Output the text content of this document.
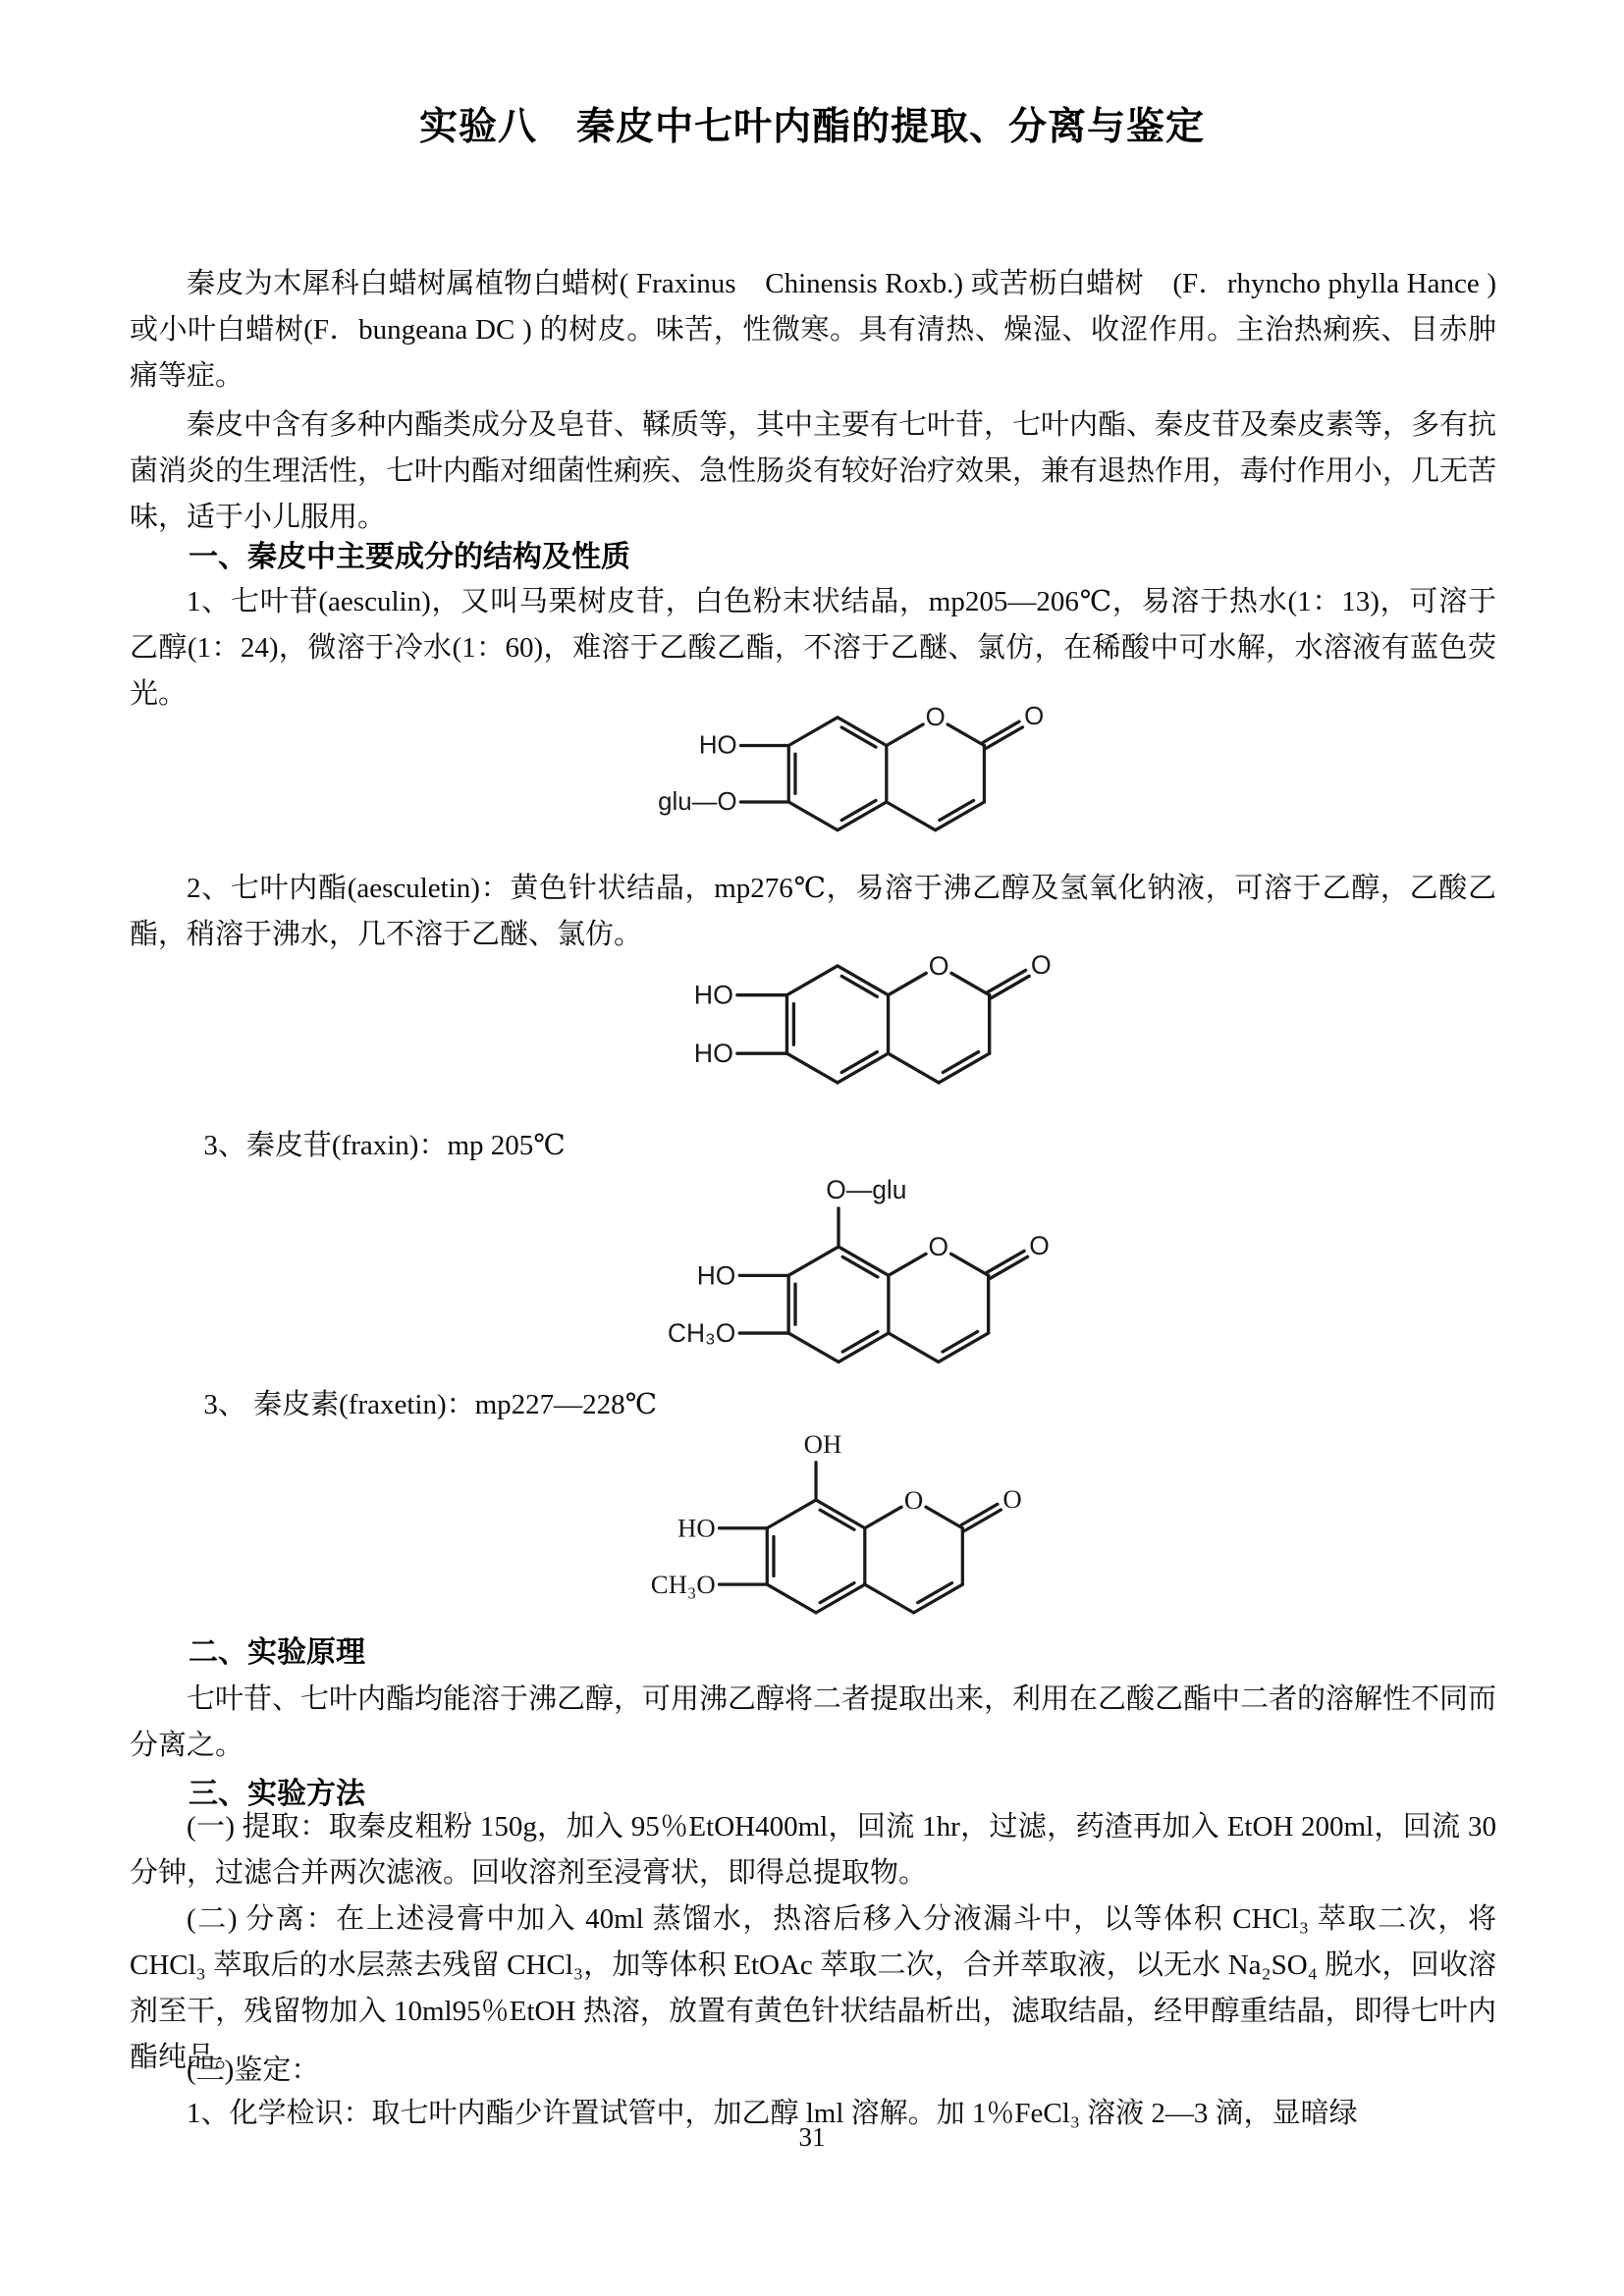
实验八　秦皮中七叶内酯的提取、分离与鉴定
秦皮为木犀科白蜡树属植物白蜡树( Fraxinus　Chinensis Roxb.) 或苦枥白蜡树　(F．rhyncho phylla Hance ) 或小叶白蜡树(F．bungeana DC ) 的树皮。味苦，性微寒。具有清热、燥湿、收涩作用。主治热痢疾、目赤肿痛等症。
秦皮中含有多种内酯类成分及皂苷、鞣质等，其中主要有七叶苷，七叶内酯、秦皮苷及秦皮素等，多有抗菌消炎的生理活性，七叶内酯对细菌性痢疾、急性肠炎有较好治疗效果，兼有退热作用，毒付作用小，几无苦味，适于小儿服用。
一、秦皮中主要成分的结构及性质
1、七叶苷(aesculin)，又叫马栗树皮苷，白色粉末状结晶，mp205—206℃，易溶于热水(1：13)，可溶于乙醇(1：24)，微溶于冷水(1：60)，难溶于乙酸乙酯，不溶于乙醚、氯仿，在稀酸中可水解，水溶液有蓝色荧光。
O	O
HO
glu—O
2、七叶内酯(aesculetin)：黄色针状结晶，mp276℃，易溶于沸乙醇及氢氧化钠液，可溶于乙醇，乙酸乙酯，稍溶于沸水，几不溶于乙醚、氯仿。
O	O
HO
HO
3、秦皮苷(fraxin)：mp 205℃
O—glu
O	O
HO
CH₃O
3、 秦皮素(fraxetin)：mp227—228℃
OH
O	O
HO
CH₃O
二、实验原理
七叶苷、七叶内酯均能溶于沸乙醇，可用沸乙醇将二者提取出来，利用在乙酸乙酯中二者的溶解性不同而分离之。
三、实验方法
(一) 提取：取秦皮粗粉 150g，加入 95％EtOH400ml，回流 1hr，过滤，药渣再加入 EtOH 200ml，回流 30 分钟，过滤合并两次滤液。回收溶剂至浸膏状，即得总提取物。
(二) 分离：在上述浸膏中加入 40ml 蒸馏水，热溶后移入分液漏斗中，以等体积 CHCl₃ 萃取二次，将 CHCl₃ 萃取后的水层蒸去残留 CHCl₃，加等体积 EtOAc 萃取二次，合并萃取液，以无水 Na₂SO₄ 脱水，回收溶剂至干，残留物加入 10ml95％EtOH 热溶，放置有黄色针状结晶析出，滤取结晶，经甲醇重结晶，即得七叶内酯纯品。
(三)鉴定：
1、化学检识：取七叶内酯少许置试管中，加乙醇 lml 溶解。加 1％FeCl₃ 溶液 2—3 滴，显暗绿
31
